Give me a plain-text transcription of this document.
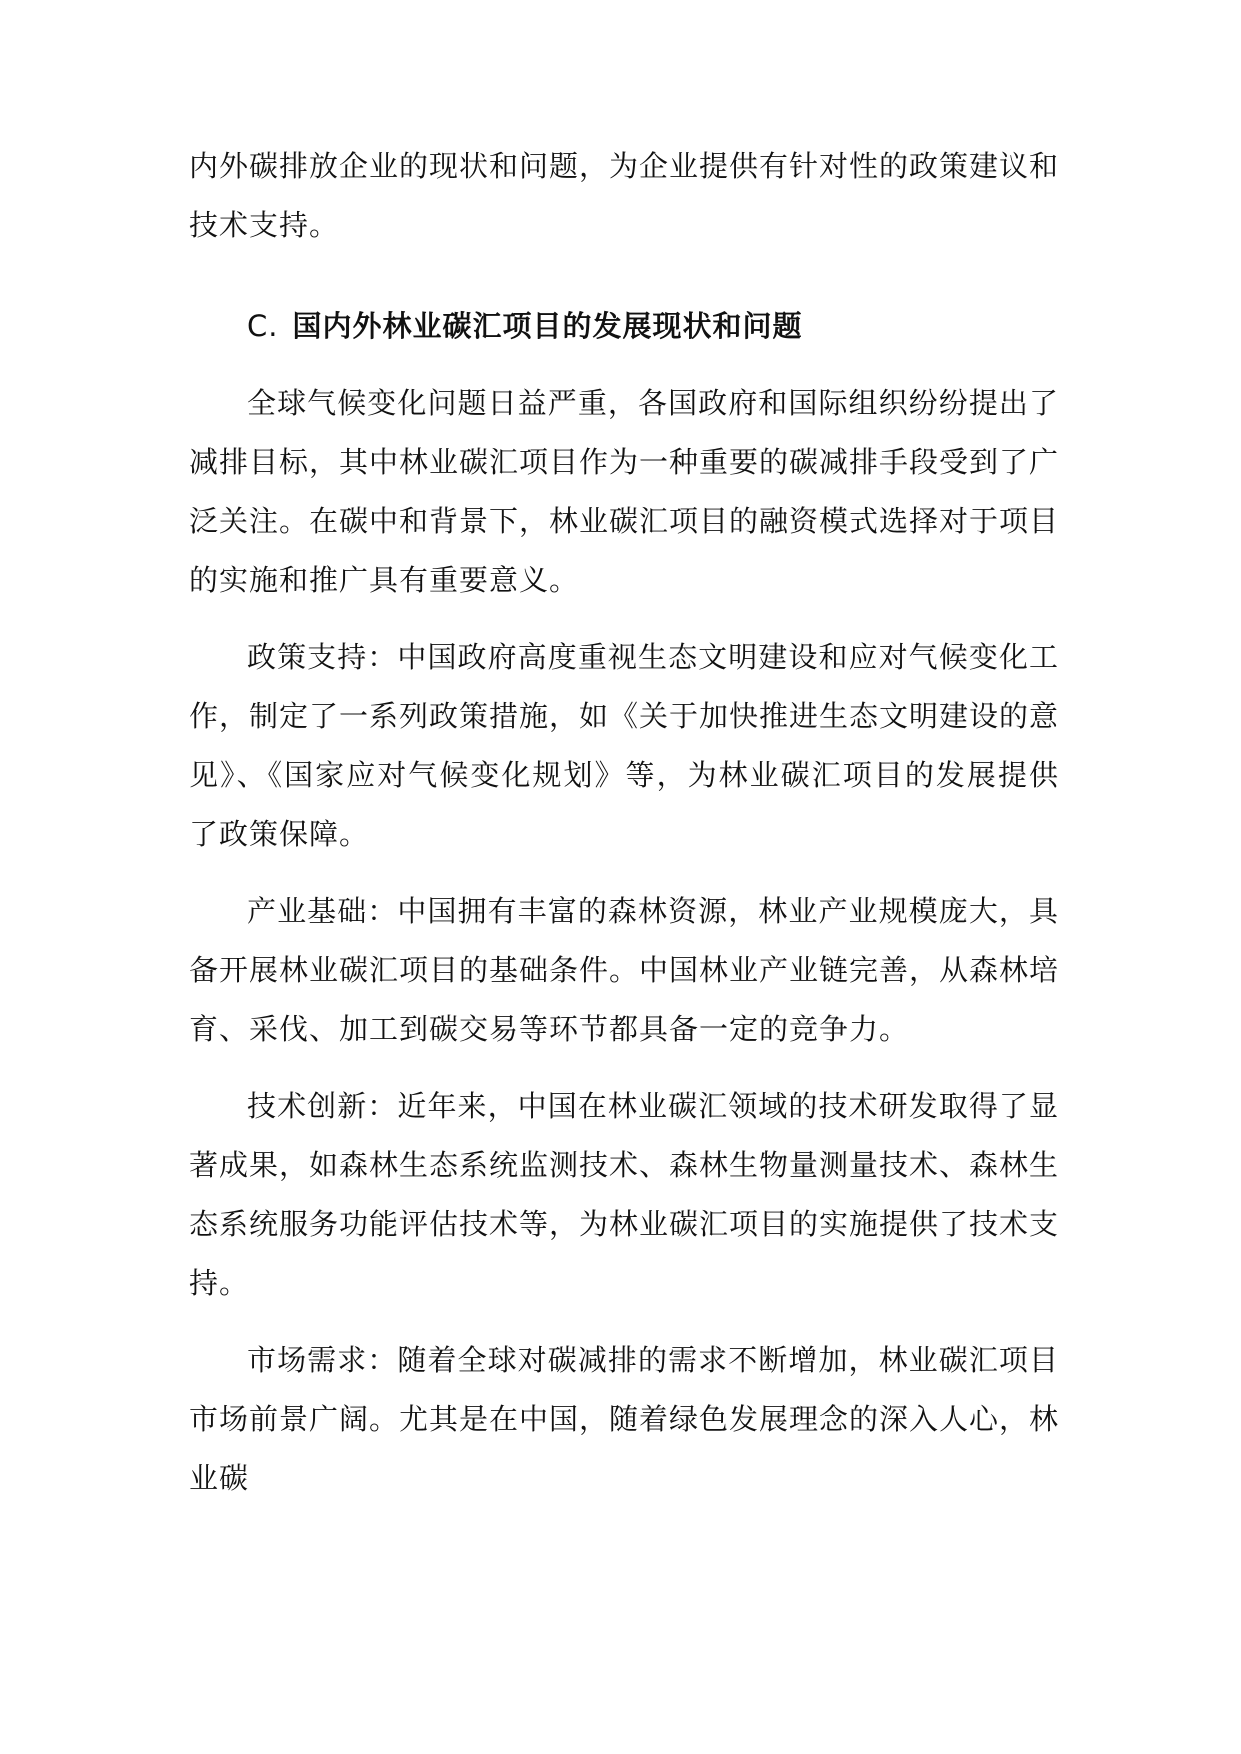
内外碳排放企业的现状和问题，为企业提供有针对性的政策建议和技术支持。

C. 国内外林业碳汇项目的发展现状和问题

全球气候变化问题日益严重，各国政府和国际组织纷纷提出了减排目标，其中林业碳汇项目作为一种重要的碳减排手段受到了广泛关注。在碳中和背景下，林业碳汇项目的融资模式选择对于项目的实施和推广具有重要意义。

政策支持：中国政府高度重视生态文明建设和应对气候变化工作，制定了一系列政策措施，如《关于加快推进生态文明建设的意见》、《国家应对气候变化规划》等，为林业碳汇项目的发展提供了政策保障。

产业基础：中国拥有丰富的森林资源，林业产业规模庞大，具备开展林业碳汇项目的基础条件。中国林业产业链完善，从森林培育、采伐、加工到碳交易等环节都具备一定的竞争力。

技术创新：近年来，中国在林业碳汇领域的技术研发取得了显著成果，如森林生态系统监测技术、森林生物量测量技术、森林生态系统服务功能评估技术等，为林业碳汇项目的实施提供了技术支持。

市场需求：随着全球对碳减排的需求不断增加，林业碳汇项目市场前景广阔。尤其是在中国，随着绿色发展理念的深入人心，林业碳
